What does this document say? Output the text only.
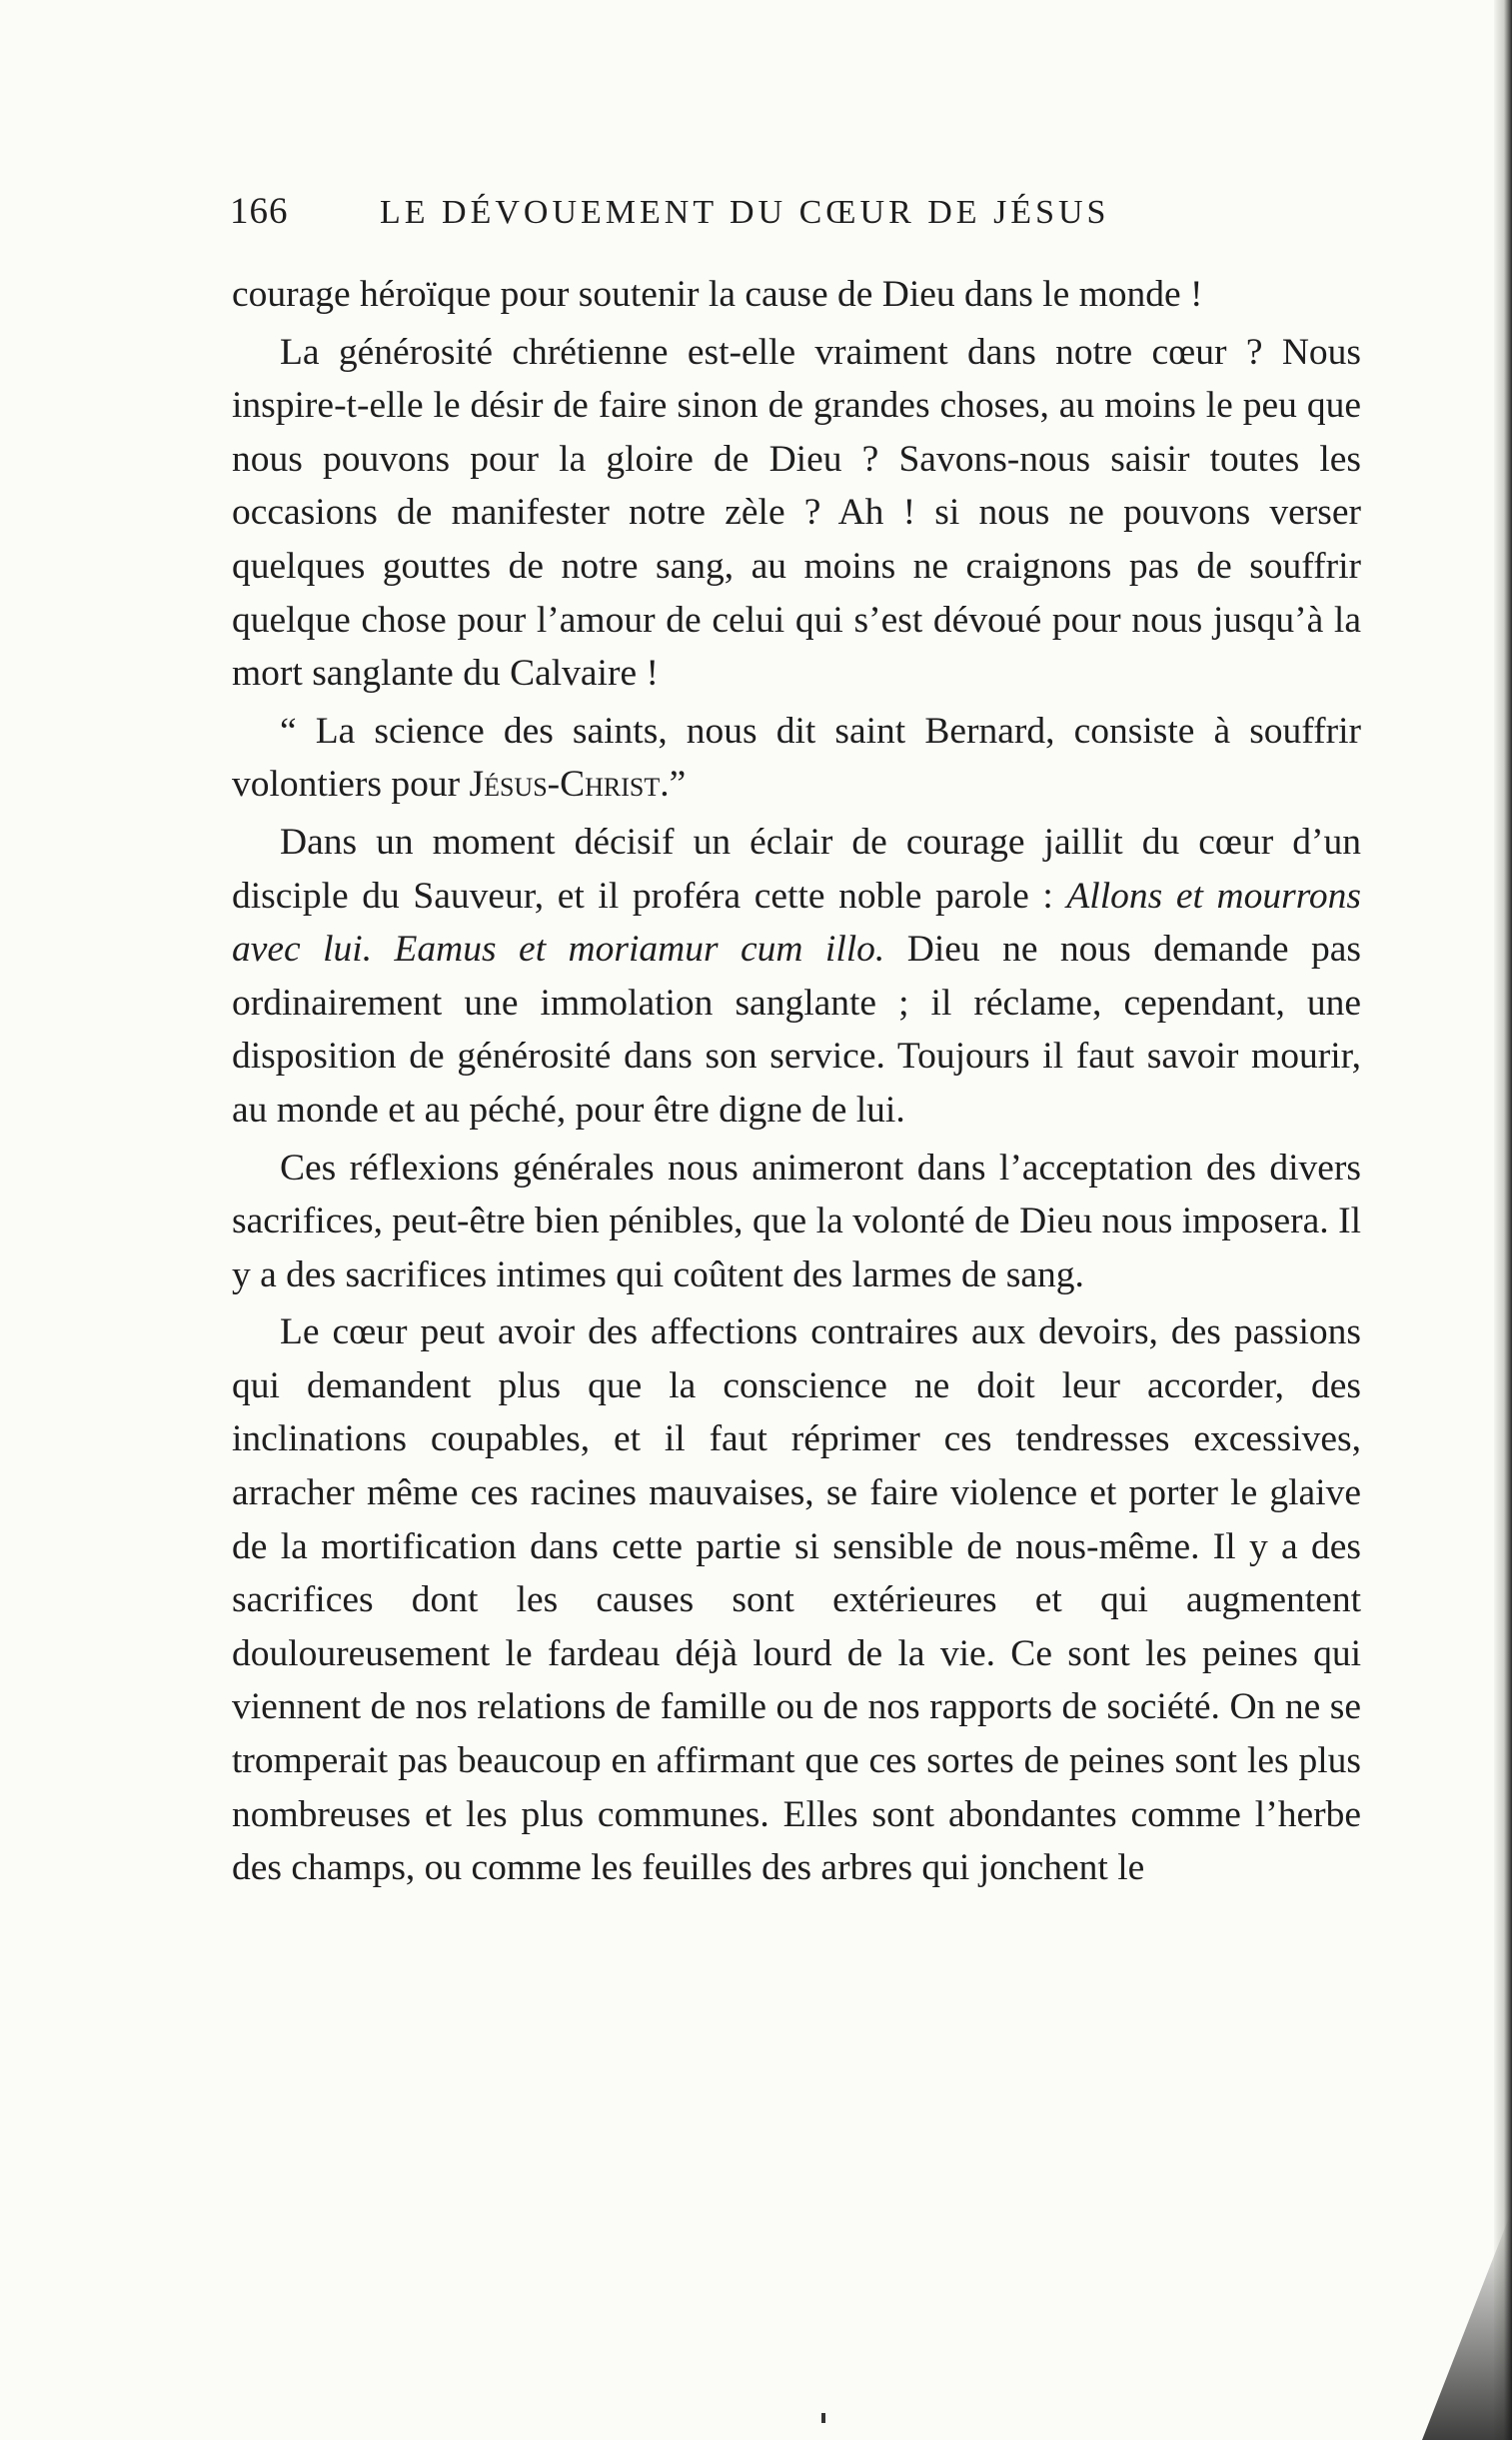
166	LE DÉVOUEMENT DU CŒUR DE JÉSUS

courage héroïque pour soutenir la cause de Dieu dans le monde !

La générosité chrétienne est-elle vraiment dans notre cœur ? Nous inspire-t-elle le désir de faire sinon de grandes choses, au moins le peu que nous pouvons pour la gloire de Dieu ? Savons-nous saisir toutes les occasions de manifester notre zèle ? Ah ! si nous ne pouvons verser quelques gouttes de notre sang, au moins ne craignons pas de souffrir quelque chose pour l’amour de celui qui s’est dévoué pour nous jusqu’à la mort sanglante du Calvaire !

“ La science des saints, nous dit saint Bernard, consiste à souffrir volontiers pour Jésus-Christ.”

Dans un moment décisif un éclair de courage jaillit du cœur d’un disciple du Sauveur, et il proféra cette noble parole : Allons et mourrons avec lui. Eamus et moriamur cum illo. Dieu ne nous demande pas ordinairement une immolation sanglante ; il réclame, cependant, une disposition de générosité dans son service. Toujours il faut savoir mourir, au monde et au péché, pour être digne de lui.

Ces réflexions générales nous animeront dans l’acceptation des divers sacrifices, peut-être bien pénibles, que la volonté de Dieu nous imposera. Il y a des sacrifices intimes qui coûtent des larmes de sang.

Le cœur peut avoir des affections contraires aux devoirs, des passions qui demandent plus que la conscience ne doit leur accorder, des inclinations coupables, et il faut réprimer ces tendresses excessives, arracher même ces racines mauvaises, se faire violence et porter le glaive de la mortification dans cette partie si sensible de nous-même. Il y a des sacrifices dont les causes sont extérieures et qui augmentent douloureusement le fardeau déjà lourd de la vie. Ce sont les peines qui viennent de nos relations de famille ou de nos rapports de société. On ne se tromperait pas beaucoup en affirmant que ces sortes de peines sont les plus nombreuses et les plus communes. Elles sont abondantes comme l’herbe des champs, ou comme les feuilles des arbres qui jonchent le
